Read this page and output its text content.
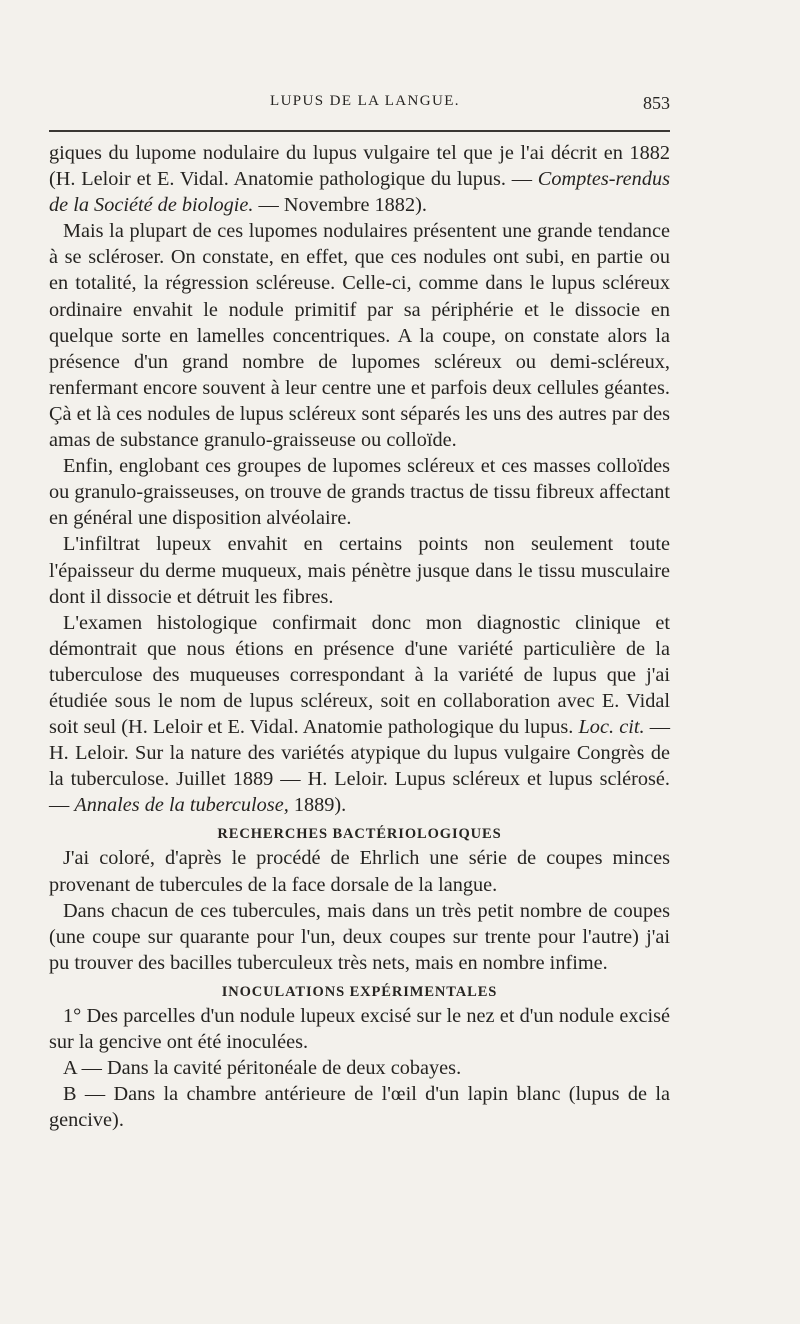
LUPUS DE LA LANGUE.	853

giques du lupome nodulaire du lupus vulgaire tel que je l'ai décrit en 1882 (H. Leloir et E. Vidal. Anatomie pathologique du lupus. — Comptes-rendus de la Société de biologie. — Novembre 1882).

Mais la plupart de ces lupomes nodulaires présentent une grande tendance à se scléroser. On constate, en effet, que ces nodules ont subi, en partie ou en totalité, la régression scléreuse. Celle-ci, comme dans le lupus scléreux ordinaire envahit le nodule primitif par sa périphérie et le dissocie en quelque sorte en lamelles concentriques. A la coupe, on constate alors la présence d'un grand nombre de lupomes scléreux ou demi-scléreux, renfermant encore souvent à leur centre une et parfois deux cellules géantes. Çà et là ces nodules de lupus scléreux sont séparés les uns des autres par des amas de substance granulo-graisseuse ou colloïde.

Enfin, englobant ces groupes de lupomes scléreux et ces masses colloïdes ou granulo-graisseuses, on trouve de grands tractus de tissu fibreux affectant en général une disposition alvéolaire.

L'infiltrat lupeux envahit en certains points non seulement toute l'épaisseur du derme muqueux, mais pénètre jusque dans le tissu musculaire dont il dissocie et détruit les fibres.

L'examen histologique confirmait donc mon diagnostic clinique et démontrait que nous étions en présence d'une variété particulière de la tuberculose des muqueuses correspondant à la variété de lupus que j'ai étudiée sous le nom de lupus scléreux, soit en collaboration avec E. Vidal soit seul (H. Leloir et E. Vidal. Anatomie pathologique du lupus. Loc. cit. — H. Leloir. Sur la nature des variétés atypique du lupus vulgaire Congrès de la tuberculose. Juillet 1889 — H. Leloir. Lupus scléreux et lupus sclérosé. — Annales de la tuberculose, 1889).

RECHERCHES BACTÉRIOLOGIQUES

J'ai coloré, d'après le procédé de Ehrlich une série de coupes minces provenant de tubercules de la face dorsale de la langue.

Dans chacun de ces tubercules, mais dans un très petit nombre de coupes (une coupe sur quarante pour l'un, deux coupes sur trente pour l'autre) j'ai pu trouver des bacilles tuberculeux très nets, mais en nombre infime.

INOCULATIONS EXPÉRIMENTALES

1° Des parcelles d'un nodule lupeux excisé sur le nez et d'un nodule excisé sur la gencive ont été inoculées.

A — Dans la cavité péritonéale de deux cobayes.

B — Dans la chambre antérieure de l'œil d'un lapin blanc (lupus de la gencive).
